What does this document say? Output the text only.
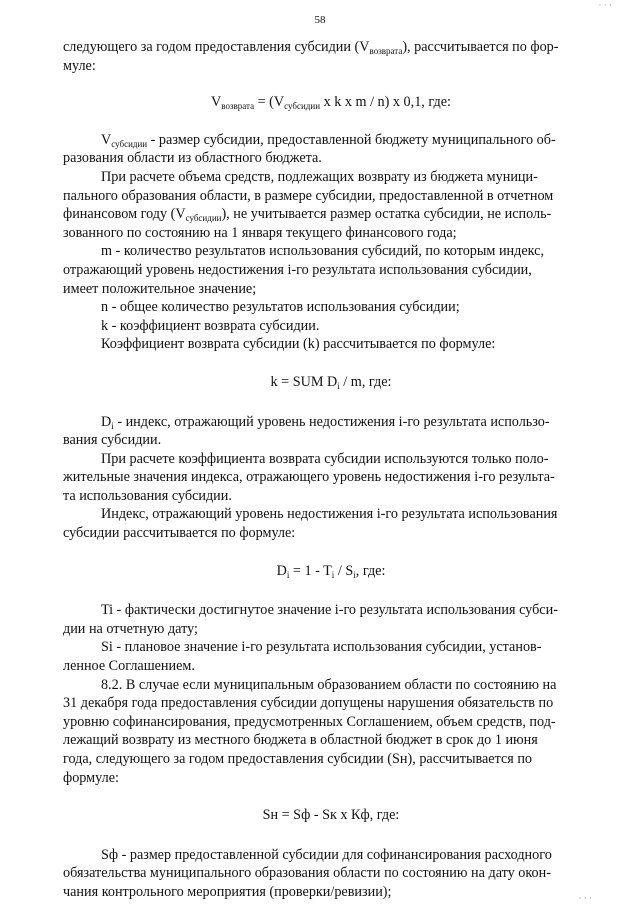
58
· · ·
· · ·

следующего за годом предоставления субсидии $(V_{возврата})$, рассчитывается по фор-
муле:

$V_{возврата} = (V_{субсидии}$ x k x m / n) x 0,1, где:

$V_{субсидии}$ - размер субсидии, предоставленной бюджету муниципального об-
разования области из областного бюджета.

При расчете объема средств, подлежащих возврату из бюджета муници-
пального образования области, в размере субсидии, предоставленной в отчетном
финансовом году $(V_{субсидии})$, не учитывается размер остатка субсидии, не исполь-
зованного по состоянию на 1 января текущего финансового года;

m - количество результатов использования субсидий, по которым индекс,
отражающий уровень недостижения i-го результата использования субсидии,
имеет положительное значение;

n - общее количество результатов использования субсидии;

k - коэффициент возврата субсидии.

Коэффициент возврата субсидии (k) рассчитывается по формуле:

k = SUM $D_i$ / m, где:

$D_i$ - индекс, отражающий уровень недостижения i-го результата использо-
вания субсидии.

При расчете коэффициента возврата субсидии используются только поло-
жительные значения индекса, отражающего уровень недостижения i-го результа-
та использования субсидии.

Индекс, отражающий уровень недостижения i-го результата использования
субсидии рассчитывается по формуле:

$D_i = 1 - T_i / S_i$, где:

Ti - фактически достигнутое значение i-го результата использования субси-
дии на отчетную дату;

Si - плановое значение i-го результата использования субсидии, установ-
ленное Соглашением.

8.2. В случае если муниципальным образованием области по состоянию на
31 декабря года предоставления субсидии допущены нарушения обязательств по
уровню софинансирования, предусмотренных Соглашением, объем средств, под-
лежащий возврату из местного бюджета в областной бюджет в срок до 1 июня
года, следующего за годом предоставления субсидии (Sн), рассчитывается по
формуле:

Sн = Sф - Sк x Кф, где:

Sф - размер предоставленной субсидии для софинансирования расходного
обязательства муниципального образования области по состоянию на дату окон-
чания контрольного мероприятия (проверки/ревизии);
